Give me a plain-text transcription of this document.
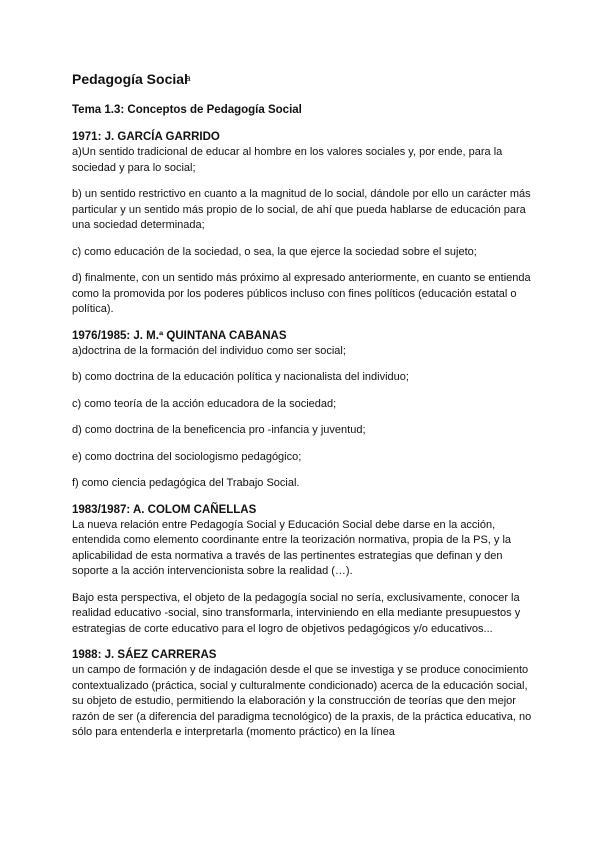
Pedagogía Social
Tema 1.3: Conceptos de Pedagogía Social
1971: J. GARCÍA GARRIDO

a)Un sentido tradicional de educar al hombre en los valores sociales y, por ende, para la sociedad y para lo social;

b) un sentido restrictivo en cuanto a la magnitud de lo social, dándole por ello un carácter más particular y un sentido más propio de lo social, de ahí que pueda hablarse de educación para una sociedad determinada;

c) como educación de la sociedad, o sea, la que ejerce la sociedad sobre el sujeto;

d) finalmente, con un sentido más próximo al expresado anteriormente, en cuanto se entienda como la promovida por los poderes públicos incluso con fines políticos (educación estatal o política).

1976/1985: J. M.ª QUINTANA CABANAS

a)doctrina de la formación del individuo como ser social;

b) como doctrina de la educación política y nacionalista del individuo;

c) como teoría de la acción educadora de la sociedad;

d) como doctrina de la beneficencia pro -infancia y juventud;

e) como doctrina del sociologismo pedagógico;

f) como ciencia pedagógica del Trabajo Social.

1983/1987: A. COLOM CAÑELLAS

La nueva relación entre Pedagogía Social y Educación Social debe darse en la acción, entendida como elemento coordinante entre la teorización normativa, propia de la PS, y la aplicabilidad de esta normativa a través de las pertinentes estrategias que definan y den soporte a la acción intervencionista sobre la realidad (…).

Bajo esta perspectiva, el objeto de la pedagogía social no sería, exclusivamente, conocer la realidad educativo -social, sino transformarla, interviniendo en ella mediante presupuestos y estrategias de corte educativo para el logro de objetivos pedagógicos y/o educativos...

1988: J. SÁEZ CARRERAS

un campo de formación y de indagación desde el que se investiga y se produce conocimiento contextualizado (práctica, social y culturalmente condicionado) acerca de la educación social, su objeto de estudio, permitiendo la elaboración y la construcción de teorías que den mejor razón de ser (a diferencia del paradigma tecnológico) de la praxis, de la práctica educativa, no sólo para entenderla e interpretarla (momento práctico) en la línea
